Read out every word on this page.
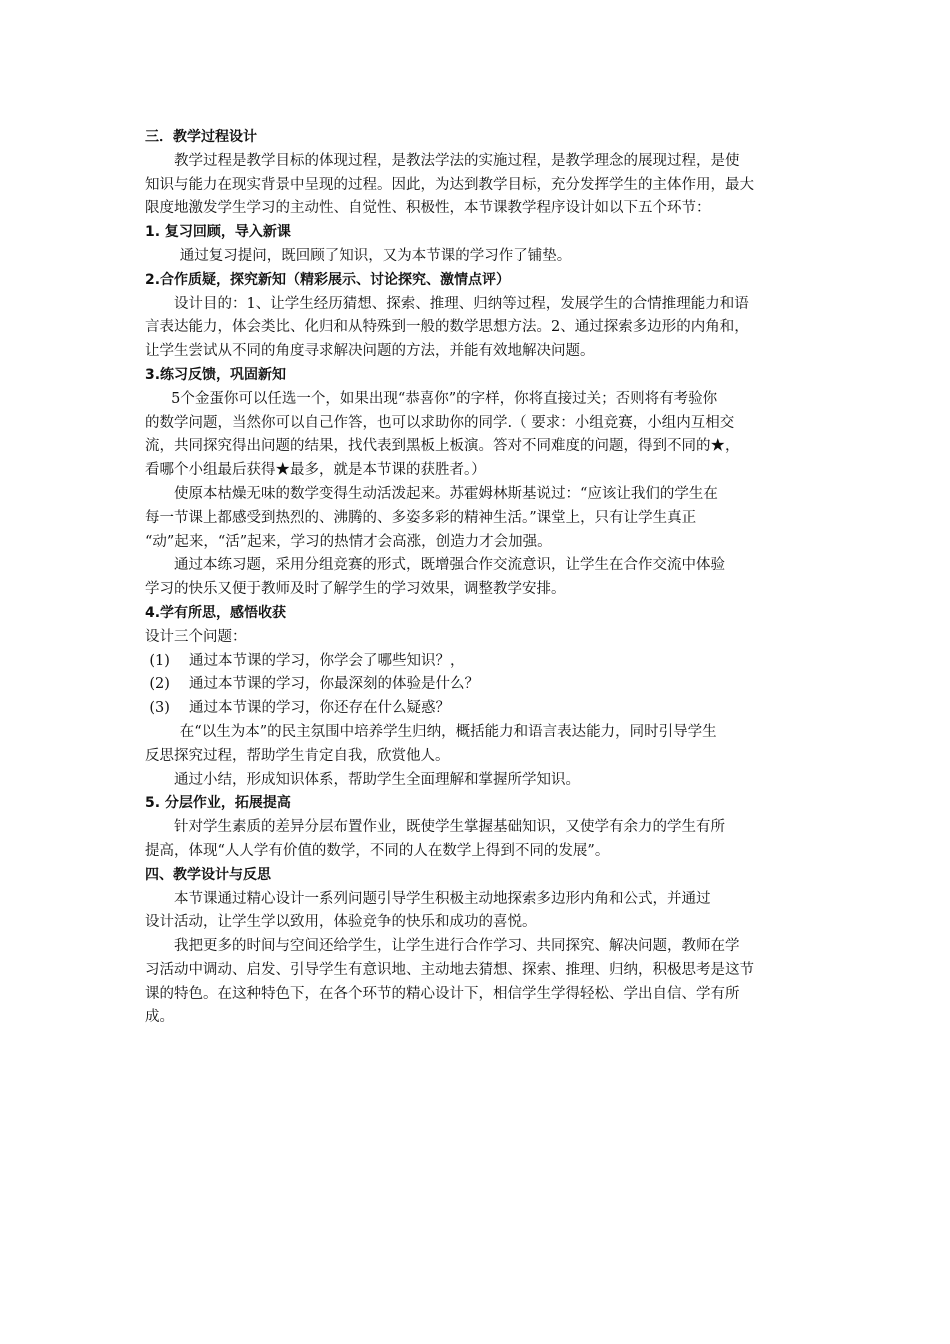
三．教学过程设计
教学过程是教学目标的体现过程，是教法学法的实施过程，是教学理念的展现过程，是使
知识与能力在现实背景中呈现的过程。因此，为达到教学目标，充分发挥学生的主体作用，最大
限度地激发学生学习的主动性、自觉性、积极性，本节课教学程序设计如以下五个环节：
1. 复习回顾，导入新课
通过复习提问，既回顾了知识，又为本节课的学习作了铺垫。
2.合作质疑，探究新知（精彩展示、讨论探究、激情点评）
设计目的：1、让学生经历猜想、探索、推理、归纳等过程，发展学生的合情推理能力和语
言表达能力，体会类比、化归和从特殊到一般的数学思想方法。2、通过探索多边形的内角和，
让学生尝试从不同的角度寻求解决问题的方法，并能有效地解决问题。
3.练习反馈，巩固新知
5个金蛋你可以任选一个，如果出现“恭喜你”的字样，你将直接过关；否则将有考验你
的数学问题，当然你可以自己作答，也可以求助你的同学.（ 要求：小组竞赛，小组内互相交
流，共同探究得出问题的结果，找代表到黑板上板演。答对不同难度的问题，得到不同的★，
看哪个小组最后获得★最多，就是本节课的获胜者。）
使原本枯燥无味的数学变得生动活泼起来。苏霍姆林斯基说过：“应该让我们的学生在
每一节课上都感受到热烈的、沸腾的、多姿多彩的精神生活。”课堂上，只有让学生真正
“动”起来，“活”起来，学习的热情才会高涨，创造力才会加强。
通过本练习题，采用分组竞赛的形式，既增强合作交流意识，让学生在合作交流中体验
学习的快乐又便于教师及时了解学生的学习效果，调整教学安排。
4.学有所思，感悟收获
设计三个问题：
(1)　 通过本节课的学习，你学会了哪些知识？，
(2)　 通过本节课的学习，你最深刻的体验是什么？
(3)　 通过本节课的学习，你还存在什么疑惑？
在“以生为本”的民主氛围中培养学生归纳，概括能力和语言表达能力，同时引导学生
反思探究过程，帮助学生肯定自我，欣赏他人。
通过小结，形成知识体系，帮助学生全面理解和掌握所学知识。
5. 分层作业，拓展提高
针对学生素质的差异分层布置作业，既使学生掌握基础知识，又使学有余力的学生有所
提高，体现“人人学有价值的数学，不同的人在数学上得到不同的发展”。
四、教学设计与反思
本节课通过精心设计一系列问题引导学生积极主动地探索多边形内角和公式，并通过
设计活动，让学生学以致用，体验竞争的快乐和成功的喜悦。
我把更多的时间与空间还给学生，让学生进行合作学习、共同探究、解决问题，教师在学
习活动中调动、启发、引导学生有意识地、主动地去猜想、探索、推理、归纳，积极思考是这节
课的特色。在这种特色下，在各个环节的精心设计下，相信学生学得轻松、学出自信、学有所
成。
